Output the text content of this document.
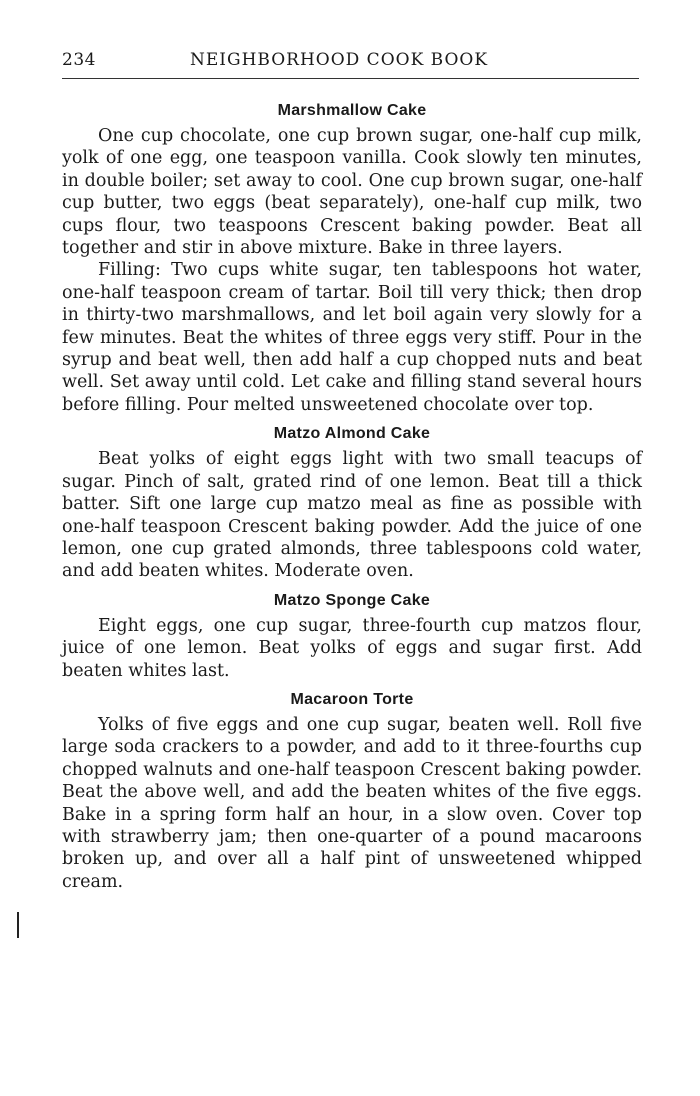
234	NEIGHBORHOOD COOK BOOK
Marshmallow Cake
One cup chocolate, one cup brown sugar, one-half cup milk, yolk of one egg, one teaspoon vanilla. Cook slowly ten minutes, in double boiler; set away to cool. One cup brown sugar, one-half cup butter, two eggs (beat separately), one-half cup milk, two cups flour, two teaspoons Crescent baking powder. Beat all together and stir in above mixture. Bake in three layers.
Filling: Two cups white sugar, ten tablespoons hot water, one-half teaspoon cream of tartar. Boil till very thick; then drop in thirty-two marshmallows, and let boil again very slowly for a few minutes. Beat the whites of three eggs very stiff. Pour in the syrup and beat well, then add half a cup chopped nuts and beat well. Set away until cold. Let cake and filling stand several hours before filling. Pour melted unsweetened chocolate over top.
Matzo Almond Cake
Beat yolks of eight eggs light with two small teacups of sugar. Pinch of salt, grated rind of one lemon. Beat till a thick batter. Sift one large cup matzo meal as fine as possible with one-half teaspoon Crescent baking powder. Add the juice of one lemon, one cup grated almonds, three tablespoons cold water, and add beaten whites. Moderate oven.
Matzo Sponge Cake
Eight eggs, one cup sugar, three-fourth cup matzos flour, juice of one lemon. Beat yolks of eggs and sugar first. Add beaten whites last.
Macaroon Torte
Yolks of five eggs and one cup sugar, beaten well. Roll five large soda crackers to a powder, and add to it three-fourths cup chopped walnuts and one-half teaspoon Crescent baking powder. Beat the above well, and add the beaten whites of the five eggs. Bake in a spring form half an hour, in a slow oven. Cover top with strawberry jam; then one-quarter of a pound macaroons broken up, and over all a half pint of unsweetened whipped cream.
